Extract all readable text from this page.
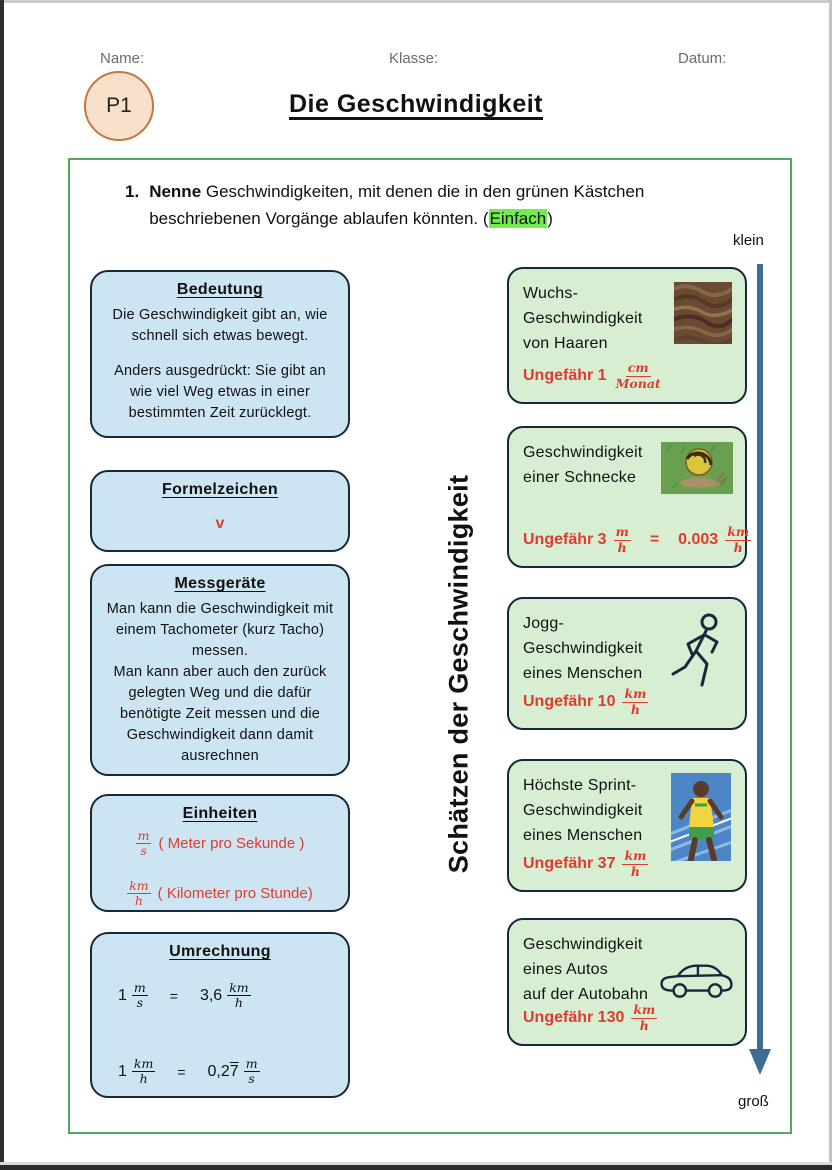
Name:	Klasse:	Datum:
P1	Die Geschwindigkeit
1. Nenne Geschwindigkeiten, mit denen die in den grünen Kästchen beschriebenen Vorgänge ablaufen könnten. (Einfach)
Bedeutung

Die Geschwindigkeit gibt an, wie schnell sich etwas bewegt.

Anders ausgedrückt: Sie gibt an wie viel Weg etwas in einer bestimmten Zeit zurücklegt.

Formelzeichen
v
Messgeräte

Man kann die Geschwindigkeit mit einem Tachometer (kurz Tacho) messen.

Man kann aber auch den zurück gelegten Weg und die dafür benötigte Zeit messen und die Geschwindigkeit dann damit ausrechnen

Einheiten
$\frac{m}{s}$ ( Meter pro Sekunde )
$\frac{km}{h}$ ( Kilometer pro Stunde)
Umrechnung
$1 \frac{m}{s} = 3,6 \frac{km}{h}$
$1 \frac{km}{h} = 0,27 \frac{m}{s}$
Schätzen der Geschwindigkeit
Wuchs-
Geschwindigkeit
von Haaren
Ungefähr $1 \frac{cm}{\text{Monat}}$
Geschwindigkeit
einer Schnecke
Ungefähr $3 \frac{m}{h} = 0.003 \frac{km}{h}$
Jogg-
Geschwindigkeit
eines Menschen
Ungefähr $10 \frac{km}{h}$
Höchste Sprint-
Geschwindigkeit
eines Menschen
Ungefähr $37 \frac{km}{h}$
Geschwindigkeit
eines Autos
auf der Autobahn
Ungefähr $130 \frac{km}{h}$
klein
groß
